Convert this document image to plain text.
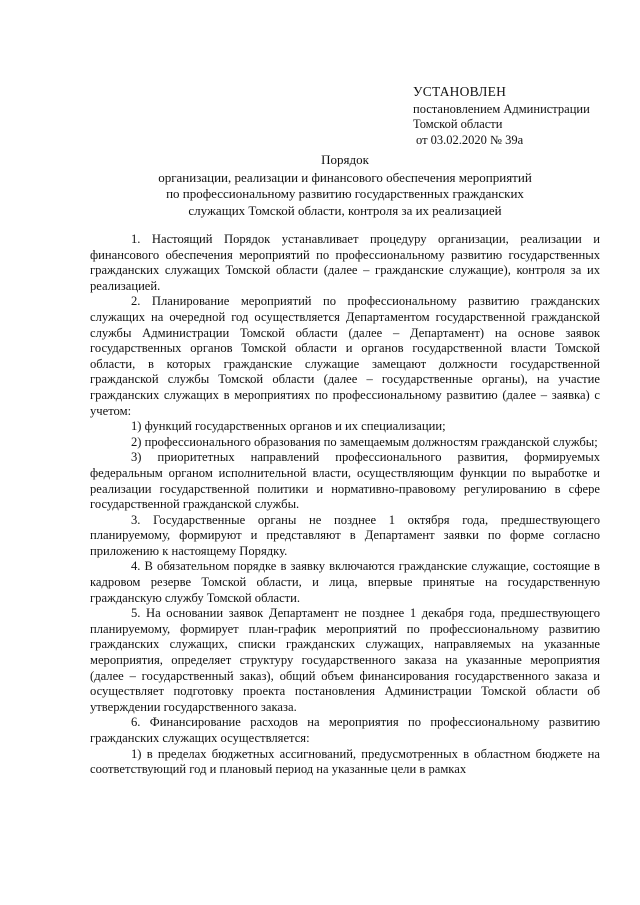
УСТАНОВЛЕН
постановлением Администрации
Томской области
от 03.02.2020 № 39а
Порядок
организации, реализации и финансового обеспечения мероприятий
по профессиональному развитию государственных гражданских
служащих Томской области, контроля за их реализацией

1. Настоящий Порядок устанавливает процедуру организации, реализации и финансового обеспечения мероприятий по профессиональному развитию государственных гражданских служащих Томской области (далее – гражданские служащие), контроля за их реализацией.

2. Планирование мероприятий по профессиональному развитию гражданских служащих на очередной год осуществляется Департаментом государственной гражданской службы Администрации Томской области (далее – Департамент) на основе заявок государственных органов Томской области и органов государственной власти Томской области, в которых гражданские служащие замещают должности государственной гражданской службы Томской области (далее – государственные органы), на участие гражданских служащих в мероприятиях по профессиональному развитию (далее – заявка) с учетом:

1) функций государственных органов и их специализации;

2) профессионального образования по замещаемым должностям гражданской службы;

3) приоритетных направлений профессионального развития, формируемых федеральным органом исполнительной власти, осуществляющим функции по выработке и реализации государственной политики и нормативно-правовому регулированию в сфере государственной гражданской службы.

3. Государственные органы не позднее 1 октября года, предшествующего планируемому, формируют и представляют в Департамент заявки по форме согласно приложению к настоящему Порядку.

4. В обязательном порядке в заявку включаются гражданские служащие, состоящие в кадровом резерве Томской области, и лица, впервые принятые на государственную гражданскую службу Томской области.

5. На основании заявок Департамент не позднее 1 декабря года, предшествующего планируемому, формирует план-график мероприятий по профессиональному развитию гражданских служащих, списки гражданских служащих, направляемых на указанные мероприятия, определяет структуру государственного заказа на указанные мероприятия (далее – государственный заказ), общий объем финансирования государственного заказа и осуществляет подготовку проекта постановления Администрации Томской области об утверждении государственного заказа.

6. Финансирование расходов на мероприятия по профессиональному развитию гражданских служащих осуществляется:

1) в пределах бюджетных ассигнований, предусмотренных в областном бюджете на соответствующий год и плановый период на указанные цели в рамках
